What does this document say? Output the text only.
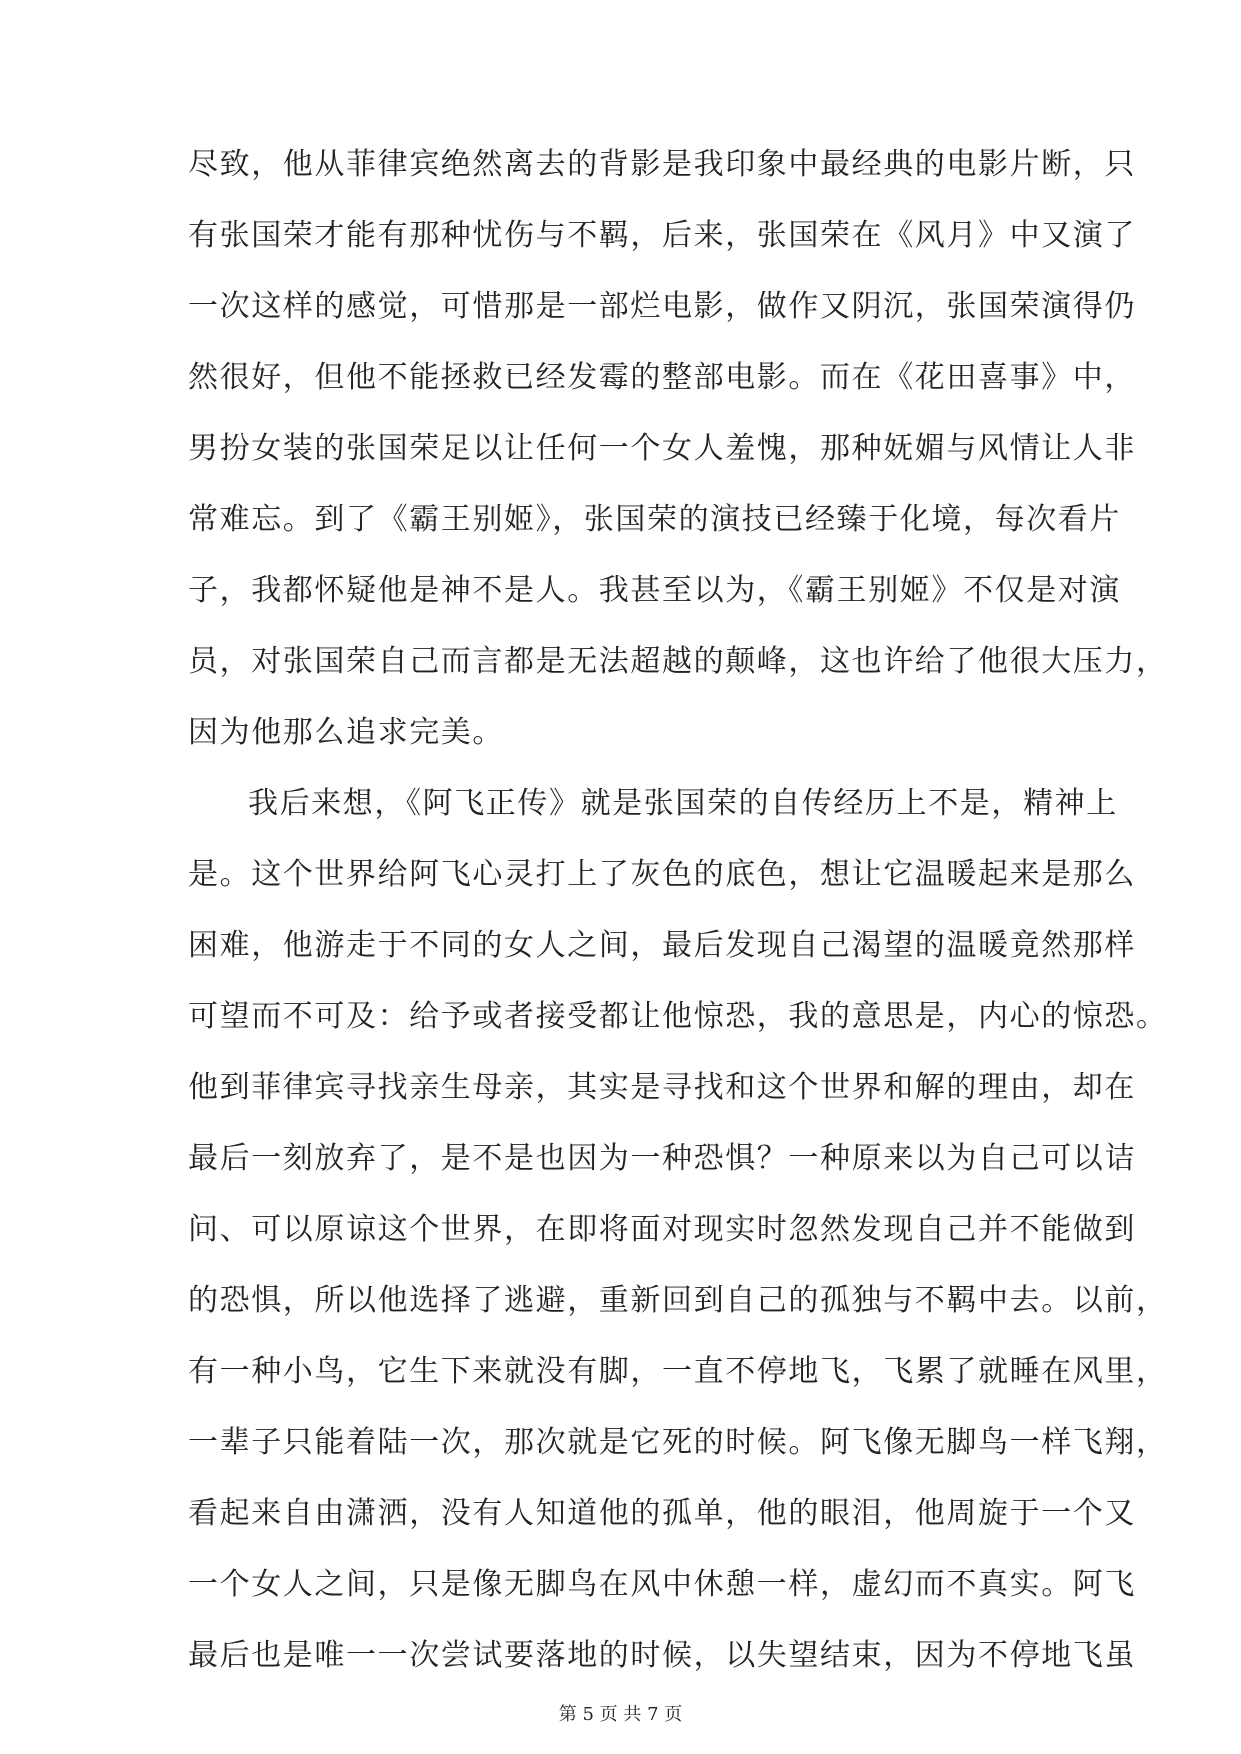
尽致，他从菲律宾绝然离去的背影是我印象中最经典的电影片断，只
有张国荣才能有那种忧伤与不羁，后来，张国荣在《风月》中又演了
一次这样的感觉，可惜那是一部烂电影，做作又阴沉，张国荣演得仍
然很好，但他不能拯救已经发霉的整部电影。而在《花田喜事》中，
男扮女装的张国荣足以让任何一个女人羞愧，那种妩媚与风情让人非
常难忘。到了《霸王别姬》，张国荣的演技已经臻于化境，每次看片
子，我都怀疑他是神不是人。我甚至以为，《霸王别姬》不仅是对演
员，对张国荣自己而言都是无法超越的颠峰，这也许给了他很大压力，
因为他那么追求完美。
我后来想，《阿飞正传》就是张国荣的自传经历上不是，精神上
是。这个世界给阿飞心灵打上了灰色的底色，想让它温暖起来是那么
困难，他游走于不同的女人之间，最后发现自己渴望的温暖竟然那样
可望而不可及：给予或者接受都让他惊恐，我的意思是，内心的惊恐。
他到菲律宾寻找亲生母亲，其实是寻找和这个世界和解的理由，却在
最后一刻放弃了，是不是也因为一种恐惧？一种原来以为自己可以诘
问、可以原谅这个世界，在即将面对现实时忽然发现自己并不能做到
的恐惧，所以他选择了逃避，重新回到自己的孤独与不羁中去。以前，
有一种小鸟，它生下来就没有脚，一直不停地飞，飞累了就睡在风里，
一辈子只能着陆一次，那次就是它死的时候。阿飞像无脚鸟一样飞翔，
看起来自由潇洒，没有人知道他的孤单，他的眼泪，他周旋于一个又
一个女人之间，只是像无脚鸟在风中休憩一样，虚幻而不真实。阿飞
最后也是唯一一次尝试要落地的时候，以失望结束，因为不停地飞虽
第 5 页 共 7 页
